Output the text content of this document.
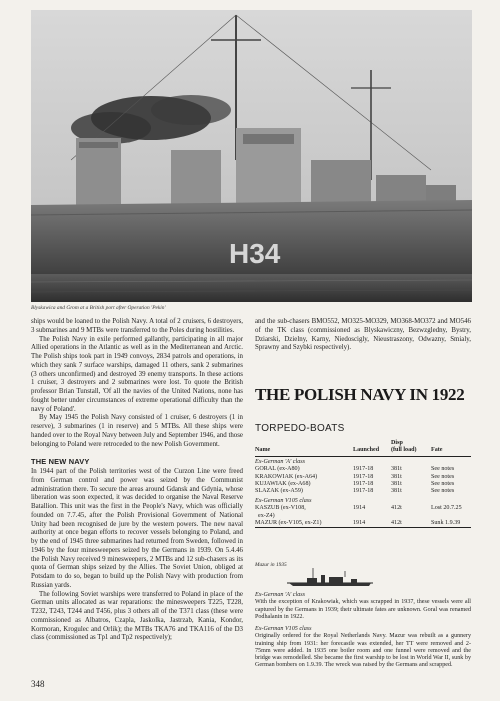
H34
Blyskawica and Grom at a British port after Operation 'Pekin'

ships would be loaned to the Polish Navy. A total of 2 cruisers, 6 destroyers, 3 submarines and 9 MTBs were transferred to the Poles during hostilities.

The Polish Navy in exile performed gallantly, participating in all major Allied operations in the Atlantic as well as in the Mediterranean and Arctic. The Polish ships took part in 1949 convoys, 2834 patrols and operations, in which they sank 7 surface warships, damaged 11 others, sank 2 submarines (3 others unconfirmed) and destroyed 39 enemy transports. In these actions 1 cruiser, 3 destroyers and 2 submarines were lost. To quote the British professor Brian Tunstall, 'Of all the navies of the United Nations, none has fought better under circumstances of extreme operational difficulty than the navy of Poland'.

By May 1945 the Polish Navy consisted of 1 cruiser, 6 destroyers (1 in reserve), 3 submarines (1 in reserve) and 5 MTBs. All these ships were handed over to the Royal Navy between July and September 1946, and those belonging to Poland were retroceded to the new Polish Government.

THE NEW NAVY

In 1944 part of the Polish territories west of the Curzon Line were freed from German control and power was seized by the Communist administration there. To secure the areas around Gdansk and Gdynia, whose liberation was soon expected, it was decided to organise the Naval Reserve Batallion. This unit was the first in the People's Navy, which was officially founded on 7.7.45, after the Polish Provisional Government of National Unity had been recognised de jure by the western powers. The new naval authority at once began efforts to recover vessels belonging to Poland, and by the end of 1945 three submarines had returned from Sweden, followed in 1946 by the four minesweepers seized by the Germans in 1939. On 5.4.46 the Polish Navy received 9 minesweepers, 2 MTBs and 12 sub-chasers as its quota of German ships seized by the Allies. The Soviet Union, obliged at Potsdam to do so, began to build up the Polish Navy with production from Russian yards.

The following Soviet warships were transferred to Poland in place of the German units allocated as war reparations: the minesweepers T225, T228, T232, T243, T244 and T456, plus 3 others all of the T371 class (these were commissioned as Albatros, Czapla, Jaskolka, Jastrzab, Kania, Kondor, Kormoran, Krogulec and Orlik); the MTBs TKA76 and TKA116 of the D3 class (commissioned as Tp1 and Tp2 respectively);

and the sub-chasers BMO552, MO325-MO329, MO368-MO372 and MO546 of the TK class (commissioned as Blyskawiczny, Bezwzgledny, Bystry, Dziarski, Dzielny, Karny, Niedoscigly, Nieustraszony, Odwazny, Smialy, Sprawny and Szybki respectively).

THE POLISH NAVY IN 1922
TORPEDO-BOATS
Name	Launched	Disp
(full load)	Fate
Ex-German 'A' class			
GORAL (ex-A80)	1917-18	381t	See notes
KRAKOWIAK (ex-A64)	1917-18	381t	See notes
KUJAWIAK (ex-A68)	1917-18	381t	See notes
SLAZAK (ex-A59)	1917-18	381t	See notes
Ex-German V105 class			
KASZUB (ex-V108,	1914	412t	Lost 20.7.25
ex-Z4)			
MAZUR (ex-V105, ex-Z1)	1914	412t	Sunk 1.9.39
Mazur in 1935

Ex-German 'A' class

With the exception of Krakowiak, which was scrapped in 1937, these vessels were all captured by the Germans in 1939; their ultimate fates are unknown. Goral was renamed Podhalanin in 1922.

Ex-German V105 class

Originally ordered for the Royal Netherlands Navy. Mazur was rebuilt as a gunnery training ship from 1931: her forecastle was extended, her TT were removed and 2-75mm were added. In 1935 one boiler room and one funnel were removed and the bridge was remodelled. She became the first warship to be lost in World War II, sunk by German bombers on 1.9.39. The wreck was raised by the Germans and scrapped.

348
